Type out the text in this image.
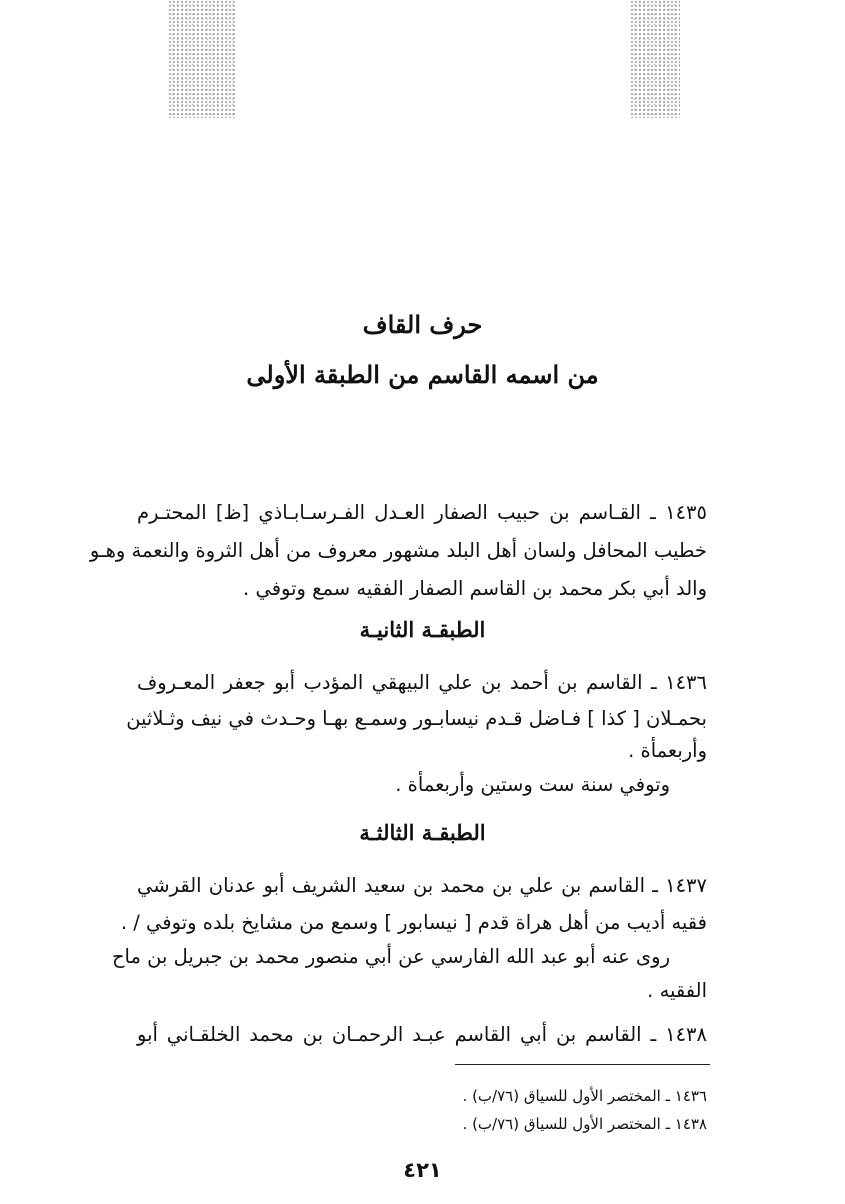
حرف القاف
من اسمه القاسم من الطبقة الأولى
١٤٣٥ ـ القـاسم بن حبيب الصفار العـدل الفـرسـابـاذي [ظ] المحتـرم
خطيب المحافل ولسان أهل البلد مشهور معروف من أهل الثروة والنعمة وهـو
والد أبي بكر محمد بن القاسم الصفار الفقيه سمع وتوفي .
الطبقـة الثانيـة
١٤٣٦ ـ القاسم بن أحمد بن علي البيهقي المؤدب أبو جعفر المعـروف
بحمـلان [ كذا ] فـاضل قـدم نيسابـور وسمـع بهـا وحـدث في نيف وثـلاثين
وأربعمأة .
وتوفي سنة ست وستين وأربعمأة .
الطبقـة الثالثـة
١٤٣٧ ـ القاسم بن علي بن محمد بن سعيد الشريف أبو عدنان القرشي
فقيه أديب من أهل هراة قدم [ نيسابور ] وسمع من مشايخ بلده وتوفي / .
روى عنه أبو عبد الله الفارسي عن أبي منصور محمد بن جبريل بن ماح
الفقيه .
١٤٣٨ ـ القاسم بن أبي القاسم عبـد الرحمـان بن محمد الخلقـاني أبو
١٤٣٦ ـ المختصر الأول للسياق (٧٦/ب) .
١٤٣٨ ـ المختصر الأول للسياق (٧٦/ب) .
٤٢١
